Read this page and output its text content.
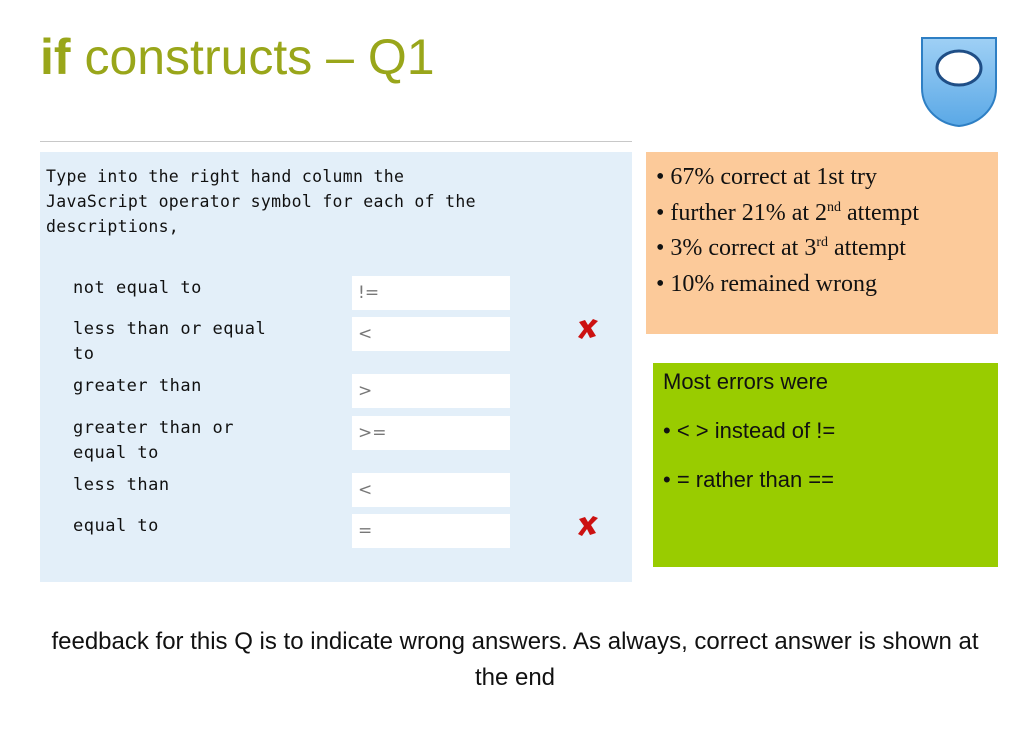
if constructs – Q1
Type into the right hand column the
JavaScript operator symbol for each of the
descriptions,
not equal to
!=
less than or equal
to
<
greater than
>
greater than or
equal to
>=
less than
<
equal to
=
• 67% correct at 1st try
• further 21% at 2nd attempt
• 3% correct at 3rd attempt
• 10% remained wrong
Most errors were
• < > instead of !=
• = rather than ==
feedback for this Q is to indicate wrong answers. As always, correct answer is shown at the end
